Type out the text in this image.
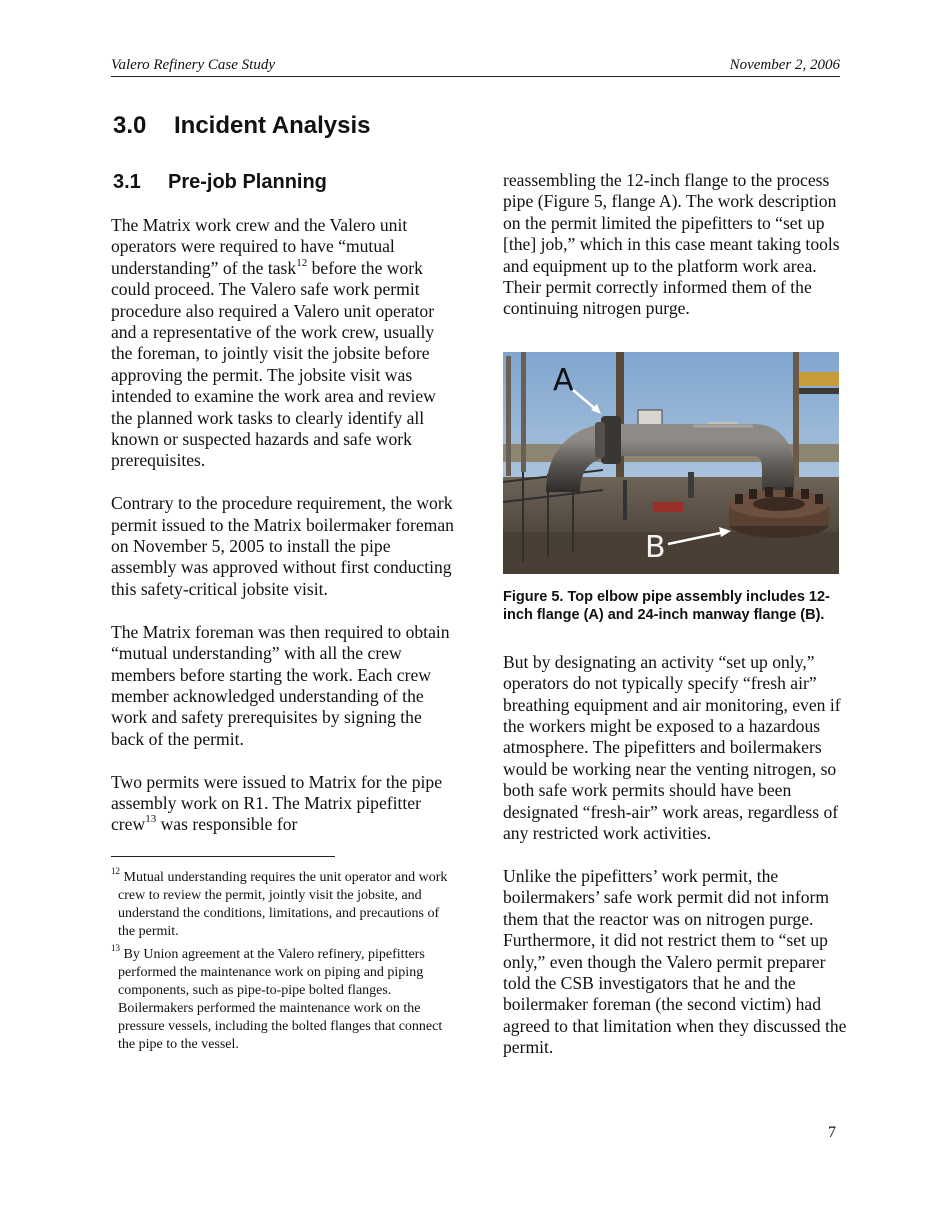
Valero Refinery Case Study	November 2, 2006
3.0 Incident Analysis
3.1 Pre-job Planning

The Matrix work crew and the Valero unit operators were required to have “mutual understanding” of the task$^{12}$ before the work could proceed. The Valero safe work permit procedure also required a Valero unit operator and a representative of the work crew, usually the foreman, to jointly visit the jobsite before approving the permit. The jobsite visit was intended to examine the work area and review the planned work tasks to clearly identify all known or suspected hazards and safe work prerequisites.

Contrary to the procedure requirement, the work permit issued to the Matrix boilermaker foreman on November 5, 2005 to install the pipe assembly was approved without first conducting this safety-critical jobsite visit.

The Matrix foreman was then required to obtain “mutual understanding” with all the crew members before starting the work. Each crew member acknowledged understanding of the work and safety prerequisites by signing the back of the permit.

Two permits were issued to Matrix for the pipe assembly work on R1. The Matrix pipefitter crew$^{13}$ was responsible for

$^{12}$ Mutual understanding requires the unit operator and work crew to review the permit, jointly visit the jobsite, and understand the conditions, limitations, and precautions of the permit.
$^{13}$ By Union agreement at the Valero refinery, pipefitters performed the maintenance work on piping and piping components, such as pipe-to-pipe bolted flanges. Boilermakers performed the maintenance work on the pressure vessels, including the bolted flanges that connect the pipe to the vessel.

reassembling the 12-inch flange to the process pipe (Figure 5, flange A). The work description on the permit limited the pipefitters to “set up [the] job,” which in this case meant taking tools and equipment up to the platform work area. Their permit correctly informed them of the continuing nitrogen purge.

A
B
Figure 5. Top elbow pipe assembly includes 12-inch flange (A) and 24-inch manway flange (B).

But by designating an activity “set up only,” operators do not typically specify “fresh air” breathing equipment and air monitoring, even if the workers might be exposed to a hazardous atmosphere. The pipefitters and boilermakers would be working near the venting nitrogen, so both safe work permits should have been designated “fresh-air” work areas, regardless of any restricted work activities.

Unlike the pipefitters’ work permit, the boilermakers’ safe work permit did not inform them that the reactor was on nitrogen purge. Furthermore, it did not restrict them to “set up only,” even though the Valero permit preparer told the CSB investigators that he and the boilermaker foreman (the second victim) had agreed to that limitation when they discussed the permit.

7
